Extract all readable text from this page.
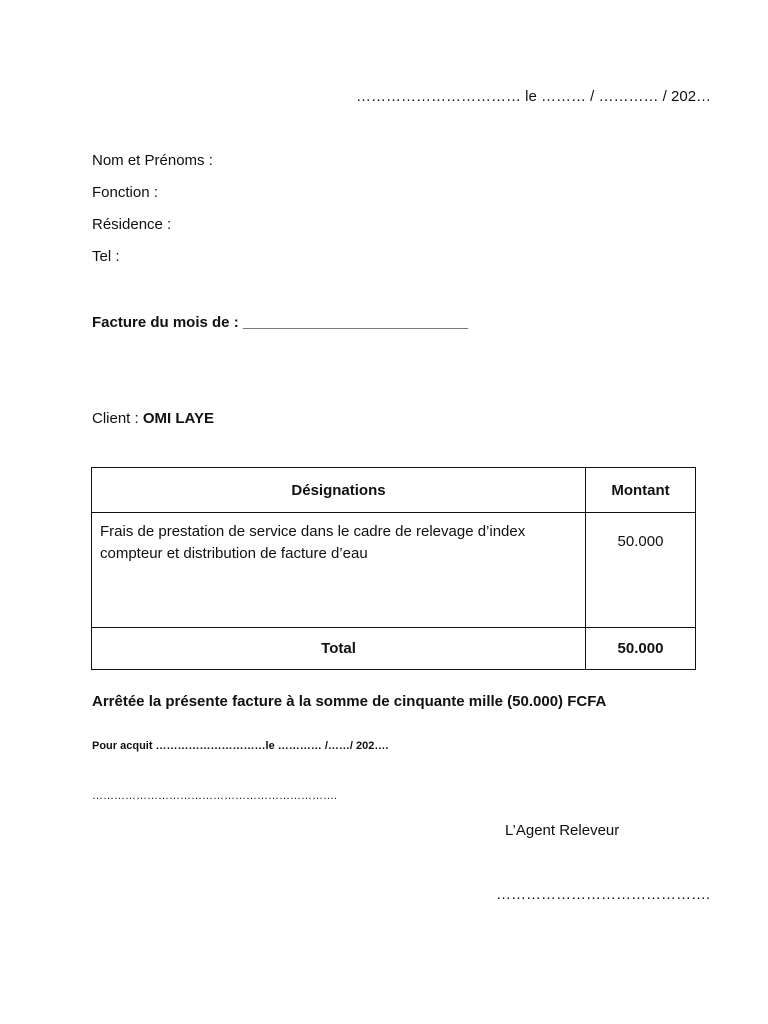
…………………………… le ……… / ………… / 202…
Nom et Prénoms :
Fonction :
Résidence :
Tel :
Facture du mois de : ___________________________
Client : OMI LAYE
Désignations	Montant
Frais de prestation de service dans le cadre de relevage d’index compteur et distribution de facture d’eau	50.000
Total	50.000
Arrêtée la présente facture à la somme de cinquante mille (50.000) FCFA
Pour acquit …………………………le ………… /……/ 202….
………………………………………………………….
L’Agent Releveur
…………………………………….
